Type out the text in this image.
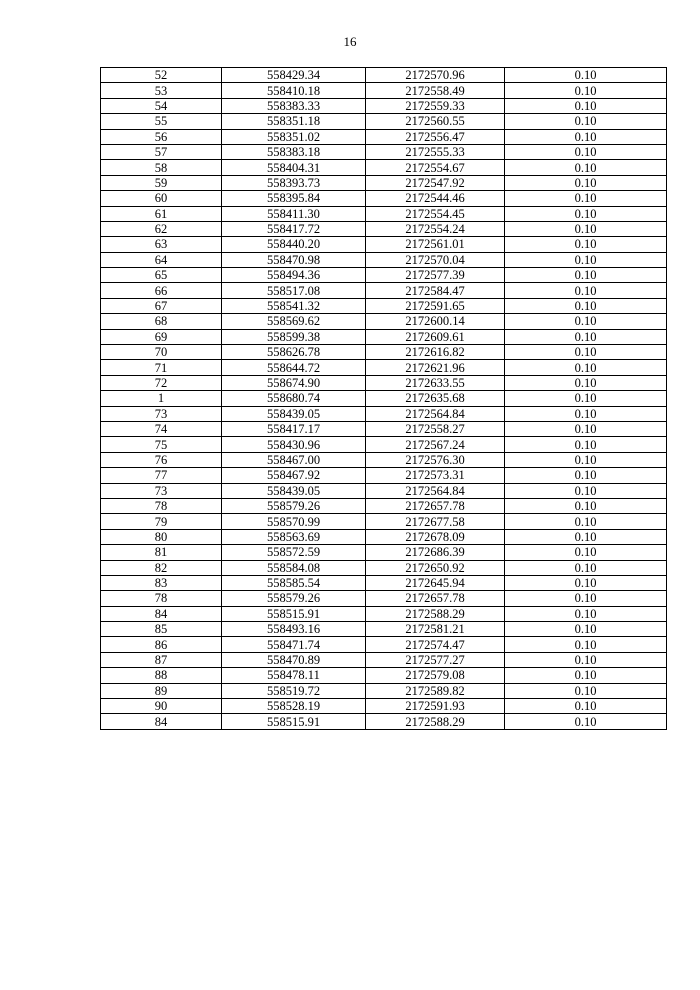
16
52	558429.34	2172570.96	0.10
53	558410.18	2172558.49	0.10
54	558383.33	2172559.33	0.10
55	558351.18	2172560.55	0.10
56	558351.02	2172556.47	0.10
57	558383.18	2172555.33	0.10
58	558404.31	2172554.67	0.10
59	558393.73	2172547.92	0.10
60	558395.84	2172544.46	0.10
61	558411.30	2172554.45	0.10
62	558417.72	2172554.24	0.10
63	558440.20	2172561.01	0.10
64	558470.98	2172570.04	0.10
65	558494.36	2172577.39	0.10
66	558517.08	2172584.47	0.10
67	558541.32	2172591.65	0.10
68	558569.62	2172600.14	0.10
69	558599.38	2172609.61	0.10
70	558626.78	2172616.82	0.10
71	558644.72	2172621.96	0.10
72	558674.90	2172633.55	0.10
1	558680.74	2172635.68	0.10
73	558439.05	2172564.84	0.10
74	558417.17	2172558.27	0.10
75	558430.96	2172567.24	0.10
76	558467.00	2172576.30	0.10
77	558467.92	2172573.31	0.10
73	558439.05	2172564.84	0.10
78	558579.26	2172657.78	0.10
79	558570.99	2172677.58	0.10
80	558563.69	2172678.09	0.10
81	558572.59	2172686.39	0.10
82	558584.08	2172650.92	0.10
83	558585.54	2172645.94	0.10
78	558579.26	2172657.78	0.10
84	558515.91	2172588.29	0.10
85	558493.16	2172581.21	0.10
86	558471.74	2172574.47	0.10
87	558470.89	2172577.27	0.10
88	558478.11	2172579.08	0.10
89	558519.72	2172589.82	0.10
90	558528.19	2172591.93	0.10
84	558515.91	2172588.29	0.10
